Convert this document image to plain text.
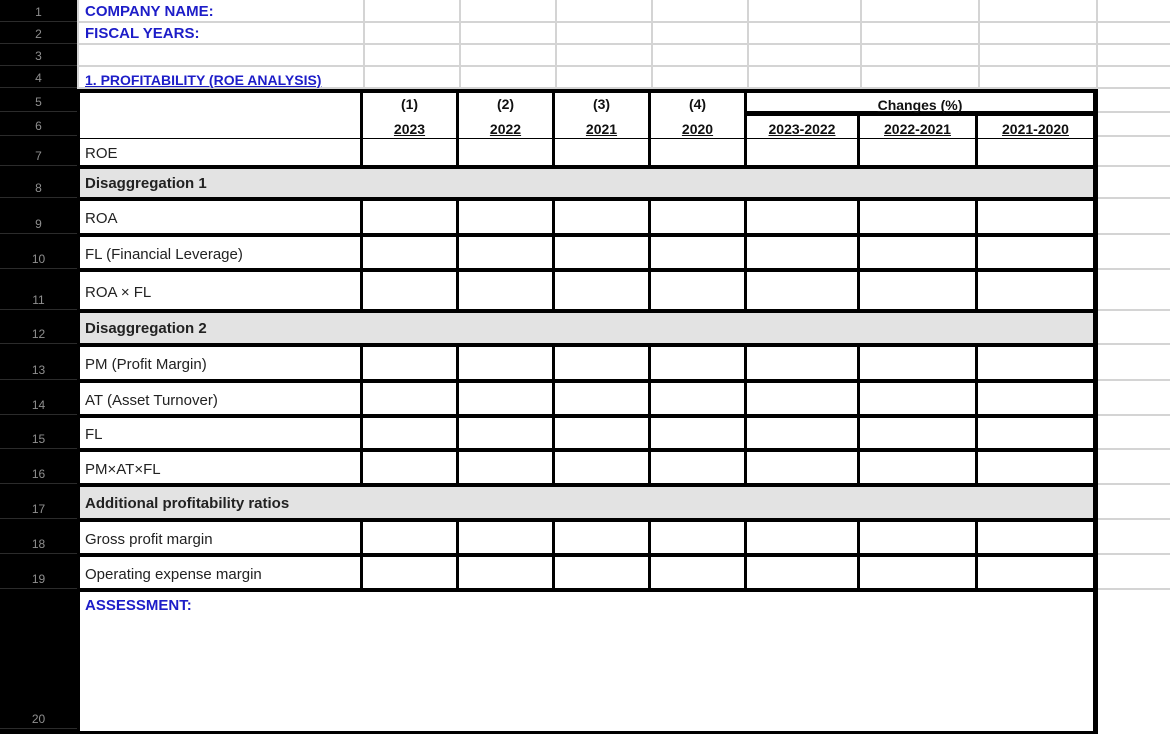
1
2
3
4
5
6
7
8
9
10
11
12
13
14
15
16
17
18
19
20
(1)
2023
(2)
2022
(3)
2021
(4)
2020
Changes (%)
2023-2022	2022-2021	2021-2020
ROE
Disaggregation 1
ROA
FL (Financial Leverage)
ROA × FL
Disaggregation 2
PM (Profit Margin)
AT (Asset Turnover)
FL
PM×AT×FL
Additional profitability ratios
Gross profit margin
Operating expense margin
ASSESSMENT:
COMPANY NAME:
FISCAL YEARS:
1. PROFITABILITY (ROE ANALYSIS)
